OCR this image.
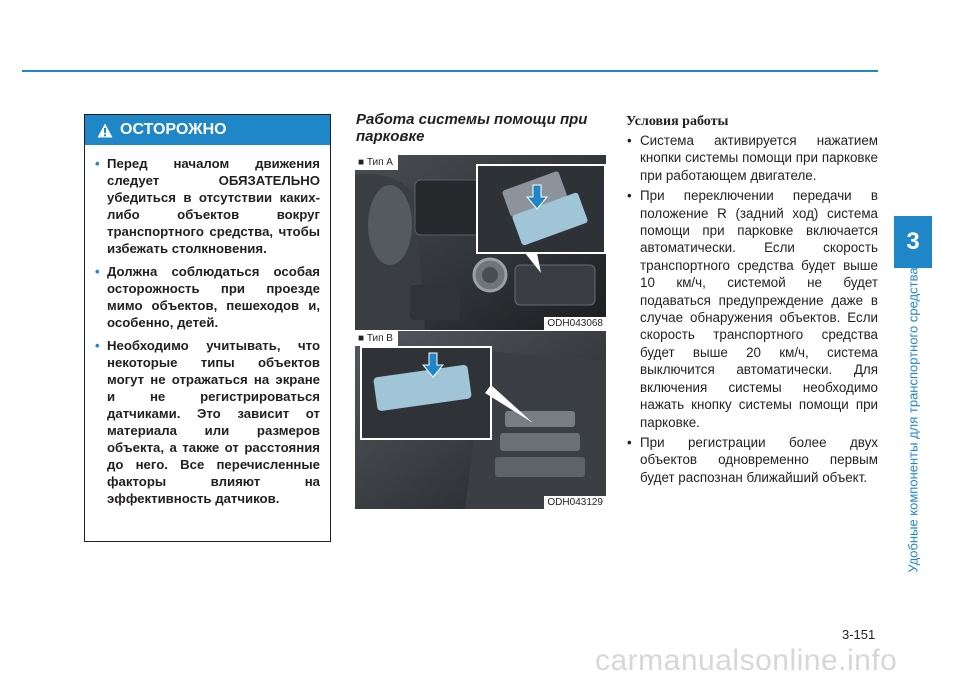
3
Удобные компоненты для транспортного средства
ОСТОРОЖНО
• Перед началом движения следует ОБЯЗАТЕЛЬНО убедиться в отсутствии каких-либо объектов вокруг транспортного средства, чтобы избежать столкновения.
• Должна соблюдаться особая осторожность при проезде мимо объектов, пешеходов и, особенно, детей.
• Необходимо учитывать, что некоторые типы объектов могут не отражаться на экране и не регистрироваться датчиками. Это зависит от материала или размеров объекта, а также от расстояния до него. Все перечисленные факторы влияют на эффективность датчиков.
Работа системы помощи при парковке
■ Тип A
ODH043068
■ Тип B
ODH043129
Условия работы
• Система активируется нажатием кнопки системы помощи при парковке при работающем двигателе.
• При переключении передачи в положение R (задний ход) система помощи при парковке включается автоматически. Если скорость транспортного средства будет выше 10 км/ч, системой не будет подаваться предупреждение даже в случае обнаружения объектов. Если скорость транспортного средства будет выше 20 км/ч, система выключится автоматически. Для включения системы необходимо нажать кнопку системы помощи при парковке.
• При регистрации более двух объектов одновременно первым будет распознан ближайший объект.
3-151
carmanualsonline.info
